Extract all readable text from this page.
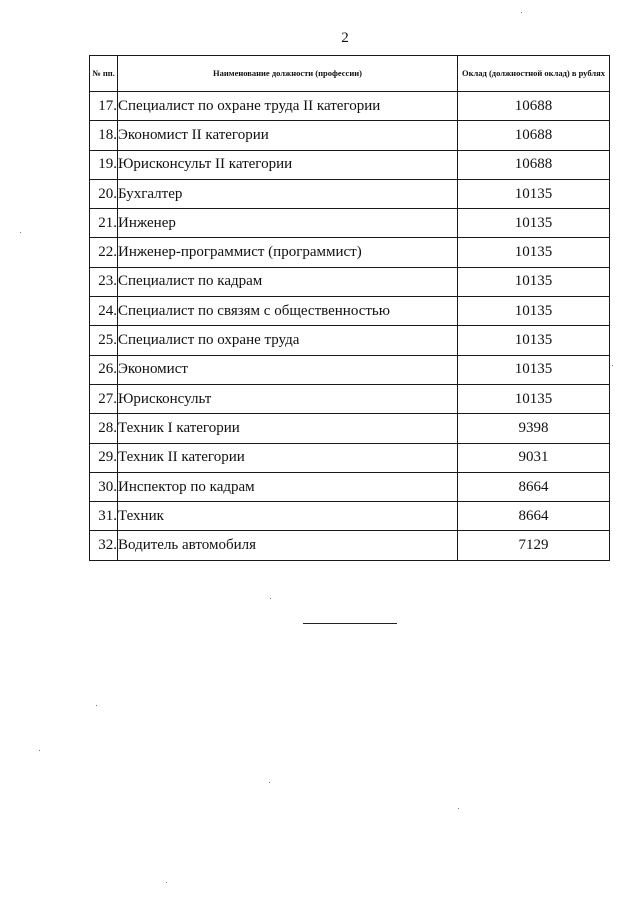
2
№ пп.	Наименование должности (профессии)	Оклад (должностной оклад) в рублях
17.	Специалист по охране труда II категории	10688
18.	Экономист II категории	10688
19.	Юрисконсульт II категории	10688
20.	Бухгалтер	10135
21.	Инженер	10135
22.	Инженер-программист (программист)	10135
23.	Специалист по кадрам	10135
24.	Специалист по связям с общественностью	10135
25.	Специалист по охране труда	10135
26.	Экономист	10135
27.	Юрисконсульт	10135
28.	Техник I категории	9398
29.	Техник II категории	9031
30.	Инспектор по кадрам	8664
31.	Техник	8664
32.	Водитель автомобиля	7129
